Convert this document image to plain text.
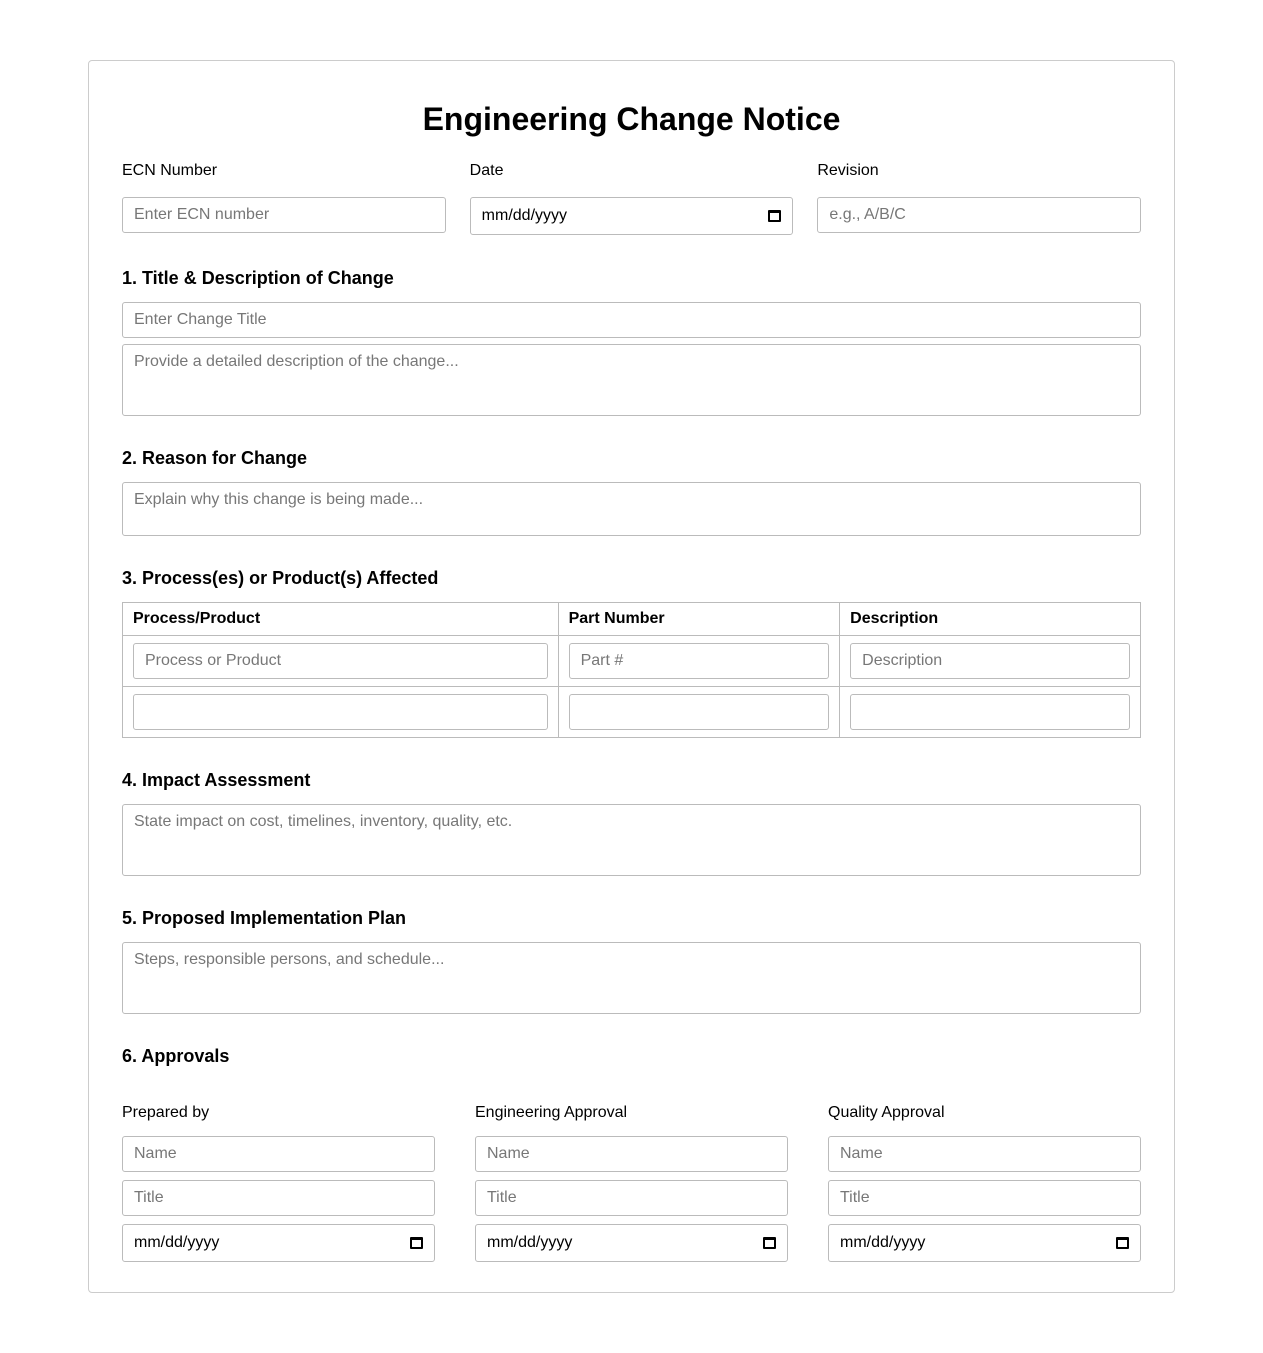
Engineering Change Notice
ECN Number
Enter ECN number
Date
mm/dd/yyyy
Revision
e.g., A/B/C
1. Title & Description of Change
Enter Change Title
Provide a detailed description of the change...
2. Reason for Change
Explain why this change is being made...
3. Process(es) or Product(s) Affected
Process/Product	Part Number	Description

Process or Product	Part #	Description

4. Impact Assessment
State impact on cost, timelines, inventory, quality, etc.
5. Proposed Implementation Plan
Steps, responsible persons, and schedule...
6. Approvals
Prepared by
Name
Title
mm/dd/yyyy
Engineering Approval
Name
Title
mm/dd/yyyy
Quality Approval
Name
Title
mm/dd/yyyy
